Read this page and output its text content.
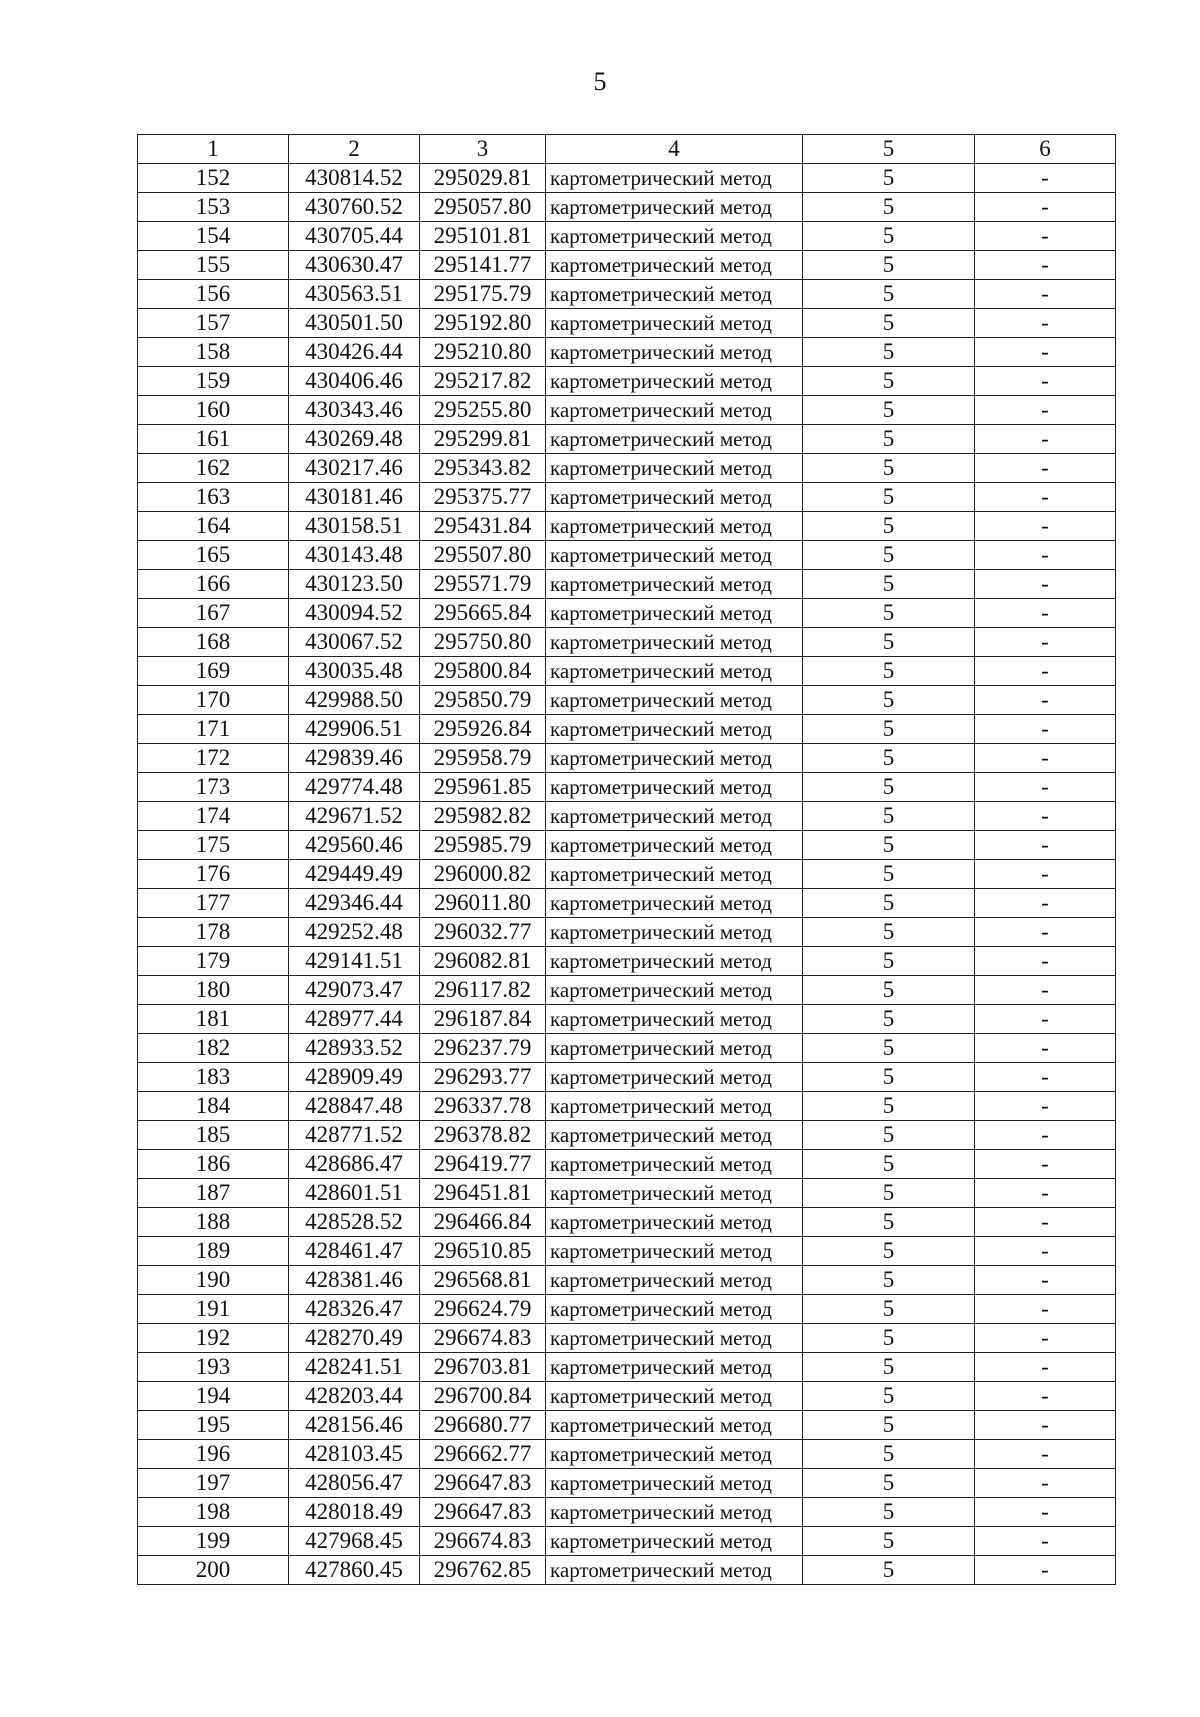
5
1	2	3	4	5	6
152	430814.52	295029.81	картометрический метод	5	-
153	430760.52	295057.80	картометрический метод	5	-
154	430705.44	295101.81	картометрический метод	5	-
155	430630.47	295141.77	картометрический метод	5	-
156	430563.51	295175.79	картометрический метод	5	-
157	430501.50	295192.80	картометрический метод	5	-
158	430426.44	295210.80	картометрический метод	5	-
159	430406.46	295217.82	картометрический метод	5	-
160	430343.46	295255.80	картометрический метод	5	-
161	430269.48	295299.81	картометрический метод	5	-
162	430217.46	295343.82	картометрический метод	5	-
163	430181.46	295375.77	картометрический метод	5	-
164	430158.51	295431.84	картометрический метод	5	-
165	430143.48	295507.80	картометрический метод	5	-
166	430123.50	295571.79	картометрический метод	5	-
167	430094.52	295665.84	картометрический метод	5	-
168	430067.52	295750.80	картометрический метод	5	-
169	430035.48	295800.84	картометрический метод	5	-
170	429988.50	295850.79	картометрический метод	5	-
171	429906.51	295926.84	картометрический метод	5	-
172	429839.46	295958.79	картометрический метод	5	-
173	429774.48	295961.85	картометрический метод	5	-
174	429671.52	295982.82	картометрический метод	5	-
175	429560.46	295985.79	картометрический метод	5	-
176	429449.49	296000.82	картометрический метод	5	-
177	429346.44	296011.80	картометрический метод	5	-
178	429252.48	296032.77	картометрический метод	5	-
179	429141.51	296082.81	картометрический метод	5	-
180	429073.47	296117.82	картометрический метод	5	-
181	428977.44	296187.84	картометрический метод	5	-
182	428933.52	296237.79	картометрический метод	5	-
183	428909.49	296293.77	картометрический метод	5	-
184	428847.48	296337.78	картометрический метод	5	-
185	428771.52	296378.82	картометрический метод	5	-
186	428686.47	296419.77	картометрический метод	5	-
187	428601.51	296451.81	картометрический метод	5	-
188	428528.52	296466.84	картометрический метод	5	-
189	428461.47	296510.85	картометрический метод	5	-
190	428381.46	296568.81	картометрический метод	5	-
191	428326.47	296624.79	картометрический метод	5	-
192	428270.49	296674.83	картометрический метод	5	-
193	428241.51	296703.81	картометрический метод	5	-
194	428203.44	296700.84	картометрический метод	5	-
195	428156.46	296680.77	картометрический метод	5	-
196	428103.45	296662.77	картометрический метод	5	-
197	428056.47	296647.83	картометрический метод	5	-
198	428018.49	296647.83	картометрический метод	5	-
199	427968.45	296674.83	картометрический метод	5	-
200	427860.45	296762.85	картометрический метод	5	-
